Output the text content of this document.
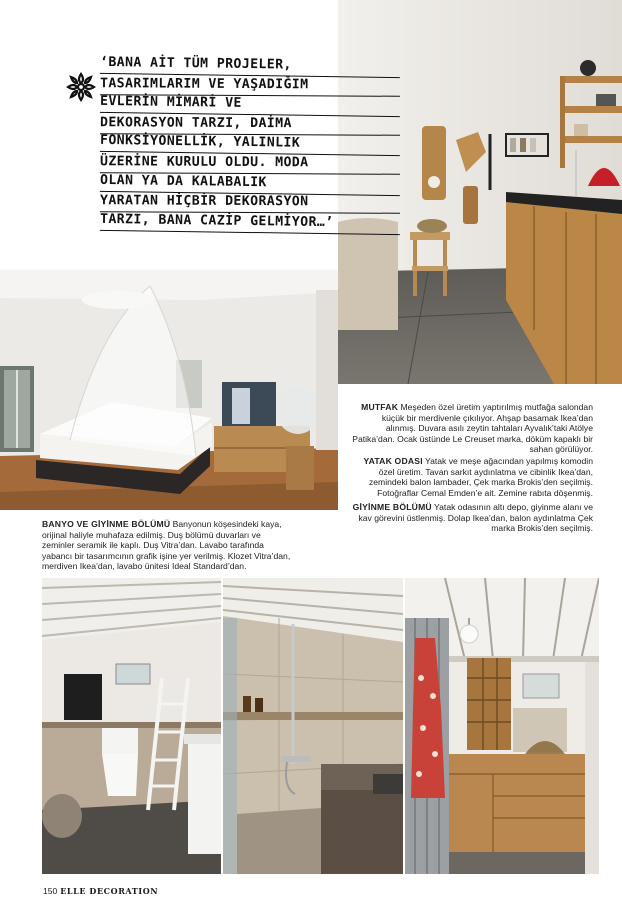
‘BANA AİT TÜM PROJELER,
TASARIMLARIM VE YAŞADIĞIM
EVLERİN MİMARİ VE
DEKORASYON TARZI, DAİMA
FONKSİYONELLİK, YALINLIK
ÜZERİNE KURULU OLDU. MODA
OLAN YA DA KALABALIK
YARATAN HİÇBİR DEKORASYON
TARZI, BANA CAZİP GELMİYOR…’

MUTFAK Meşeden özel üretim yaptırılmış mutfağa salondan küçük bir merdivenle çıkılıyor. Ahşap basamak Ikea’dan alınmış. Duvara asılı zeytin tahtaları Ayvalık’taki Atölye Patika’dan. Ocak üstünde Le Creuset marka, döküm kapaklı bir sahan görülüyor.

YATAK ODASI Yatak ve meşe ağacından yapılmış komodin özel üretim. Tavan sarkıt aydınlatma ve cibinlik Ikea’dan, zemindeki balon lambader, Çek marka Brokis’den seçilmiş. Fotoğraflar Cemal Emden’e ait. Zemine rabıta döşenmiş.

GİYİNME BÖLÜMÜ Yatak odasının altı depo, giyinme alanı ve kav görevini üstlenmiş. Dolap Ikea’dan, balon aydınlatma Çek marka Brokis’den seçilmiş.

BANYO VE GİYİNME BÖLÜMÜ Banyonun köşesindeki kaya, orijinal haliyle muhafaza edilmiş. Duş bölümü duvarları ve zeminler seramik ile kaplı. Duş Vitra’dan. Lavabo tarafında yabancı bir tasarımcının grafik işine yer verilmiş. Klozet Vitra’dan, merdiven Ikea’dan, lavabo ünitesi Ideal Standard’dan.

150 ELLE DECORATION
